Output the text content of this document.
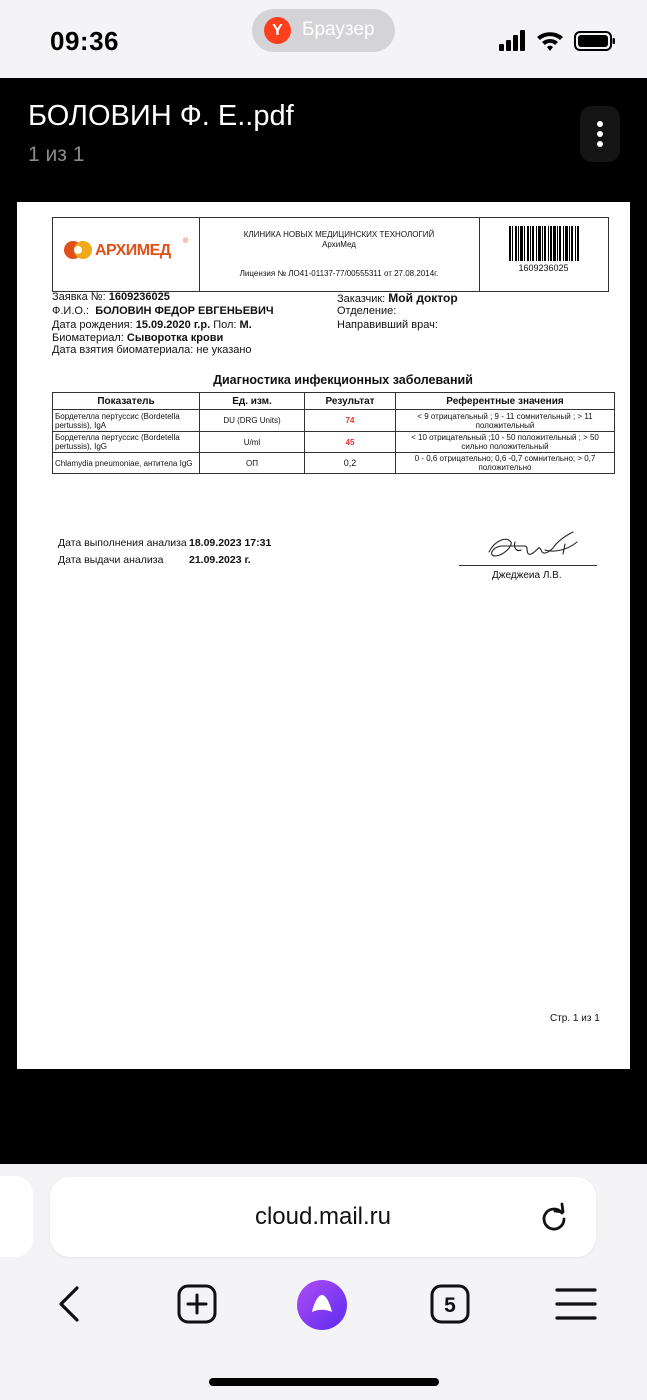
09:36	Y	Браузер
БОЛОВИН Ф. Е..pdf
1 из 1
АРХИМЕД
®
КЛИНИКА НОВЫХ МЕДИЦИНСКИХ ТЕХНОЛОГИЙ
АрхиМед
Лицензия № ЛО41-01137-77/00555311 от 27.08.2014г.
1609236025
Заявка №: 1609236025
Ф.И.О.: БОЛОВИН ФЕДОР ЕВГЕНЬЕВИЧ
Дата рождения: 15.09.2020 г.р. Пол: М.
Биоматериал: Сыворотка крови
Дата взятия биоматериала: не указано
Заказчик: Мой доктор
Отделение:
Направивший врач:
Диагностика инфекционных заболеваний
Показатель	Ед. изм.	Результат	Референтные значения
Бордетелла пертуссис (Bordetella pertussis), IgA	DU (DRG Units)	74	< 9 отрицательный ; 9 - 11 сомнительный ; > 11 положительный
Бордетелла пертуссис (Bordetella pertussis), IgG	U/ml	45	< 10 отрицательный ;10 - 50 положительный ; > 50 сильно положительный
Chlamydia pneumoniae, антитела IgG	ОП	0,2	0 - 0,6 отрицательно; 0,6 -0,7 сомнительно; > 0,7 положительно
Дата выполнения анализа 18.09.2023 17:31
Дата выдачи анализа 21.09.2023 г.
Джеджеиа Л.В.
Стр. 1 из 1
cloud.mail.ru
5
